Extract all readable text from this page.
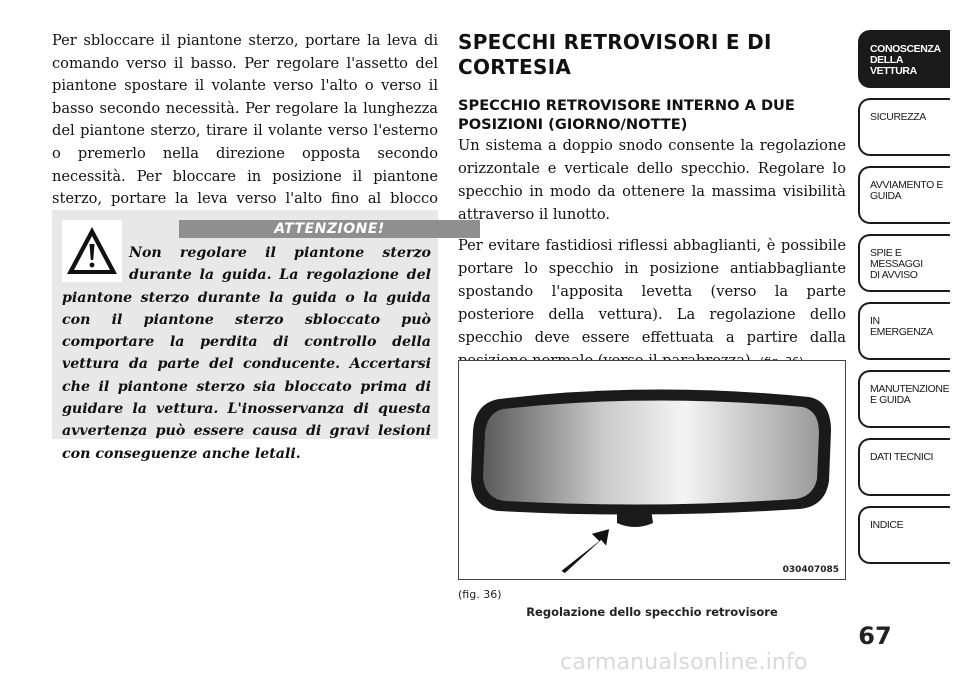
Per sbloccare il piantone sterzo, portare la leva di comando verso il basso. Per regolare l'assetto del piantone spostare il volante verso l'alto o verso il basso secondo necessità. Per regolare la lunghezza del piantone sterzo, tirare il volante verso l'esterno o premerlo nella direzione opposta secondo necessità. Per bloccare in posizione il piantone sterzo, portare la leva verso l'alto fino al blocco

ATTENZIONE!

Non regolare il piantone sterzo durante la guida. La regolazione del piantone sterzo durante la guida o la guida con il piantone sterzo sbloccato può comportare la perdita di controllo della vettura da parte del conducente. Accertarsi che il piantone sterzo sia bloccato prima di guidare la vettura. L'inosservanza di questa avvertenza può essere causa di gravi lesioni con conseguenze anche letali.

SPECCHI RETROVISORI E DI CORTESIA
SPECCHIO RETROVISORE INTERNO A DUE POSIZIONI (GIORNO/NOTTE)

Un sistema a doppio snodo consente la regolazione orizzontale e verticale dello specchio. Regolare lo specchio in modo da ottenere la massima visibilità attraverso il lunotto.

Per evitare fastidiosi riflessi abbaglianti, è possibile portare lo specchio in posizione antiabbagliante spostando l'apposita levetta (verso la parte posteriore della vettura). La regolazione dello specchio deve essere effettuata a partire dalla

030407085
(fig. 36)
Regolazione dello specchio retrovisore
CONOSCENZA
DELLA VETTURA
SICUREZZA
AVVIAMENTO E
GUIDA
SPIE E
MESSAGGI
DI AVVISO
IN
EMERGENZA
MANUTENZIONE
E GUIDA
DATI TECNICI
INDICE
67
carmanualsonline.info
